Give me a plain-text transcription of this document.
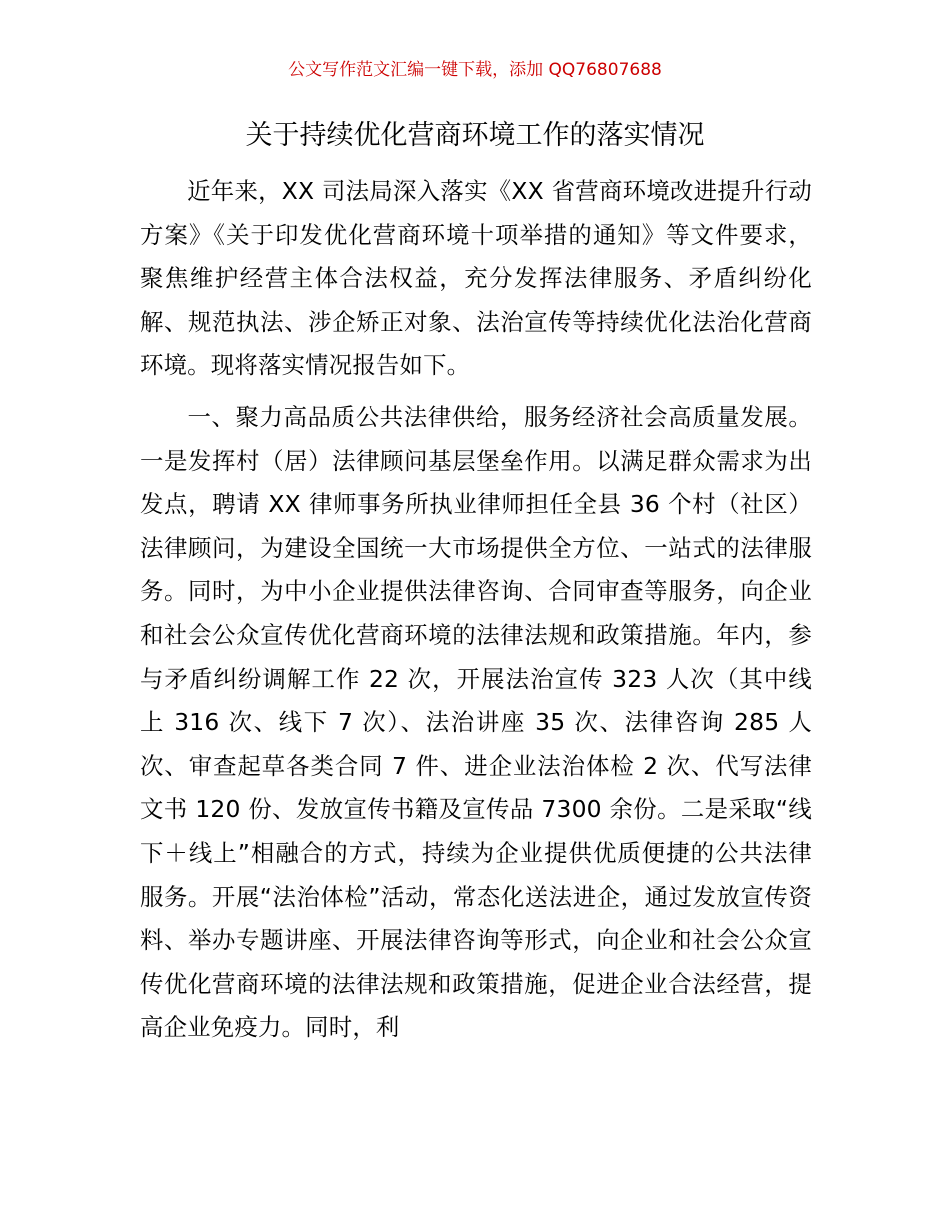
公文写作范文汇编一键下载，添加 QQ76807688
关于持续优化营商环境工作的落实情况

近年来，XX 司法局深入落实《XX 省营商环境改进提升行动方案》《关于印发优化营商环境十项举措的通知》等文件要求，聚焦维护经营主体合法权益，充分发挥法律服务、矛盾纠纷化解、规范执法、涉企矫正对象、法治宣传等持续优化法治化营商环境。现将落实情况报告如下。

一、聚力高品质公共法律供给，服务经济社会高质量发展。一是发挥村（居）法律顾问基层堡垒作用。以满足群众需求为出发点，聘请 XX 律师事务所执业律师担任全县 36 个村（社区）法律顾问，为建设全国统一大市场提供全方位、一站式的法律服务。同时，为中小企业提供法律咨询、合同审查等服务，向企业和社会公众宣传优化营商环境的法律法规和政策措施。年内，参与矛盾纠纷调解工作 22 次，开展法治宣传 323 人次（其中线上 316 次、线下 7 次）、法治讲座 35 次、法律咨询 285 人次、审查起草各类合同 7 件、进企业法治体检 2 次、代写法律文书 120 份、发放宣传书籍及宣传品 7300 余份。二是采取“线下＋线上”相融合的方式，持续为企业提供优质便捷的公共法律服务。开展“法治体检”活动，常态化送法进企，通过发放宣传资料、举办专题讲座、开展法律咨询等形式，向企业和社会公众宣传优化营商环境的法律法规和政策措施，促进企业合法经营，提高企业免疫力。同时，利
